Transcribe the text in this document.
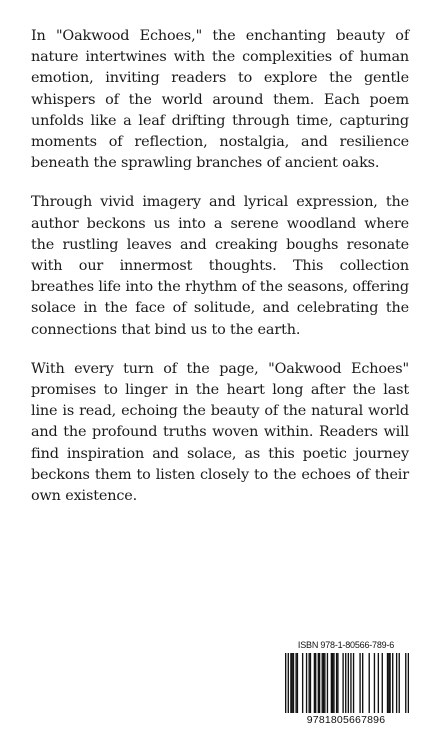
In "Oakwood Echoes," the enchanting beauty of nature intertwines with the complexities of human emotion, inviting readers to explore the gentle whispers of the world around them. Each poem unfolds like a leaf drifting through time, capturing moments of reflection, nostalgia, and resilience beneath the sprawling branches of ancient oaks.

Through vivid imagery and lyrical expression, the author beckons us into a serene woodland where the rustling leaves and creaking boughs resonate with our innermost thoughts. This collection breathes life into the rhythm of the seasons, offering solace in the face of solitude, and celebrating the connections that bind us to the earth.

With every turn of the page, "Oakwood Echoes" promises to linger in the heart long after the last line is read, echoing the beauty of the natural world and the profound truths woven within. Readers will find inspiration and solace, as this poetic journey beckons them to listen closely to the echoes of their own existence.

ISBN 978-1-80566-789-6
9781805667896
